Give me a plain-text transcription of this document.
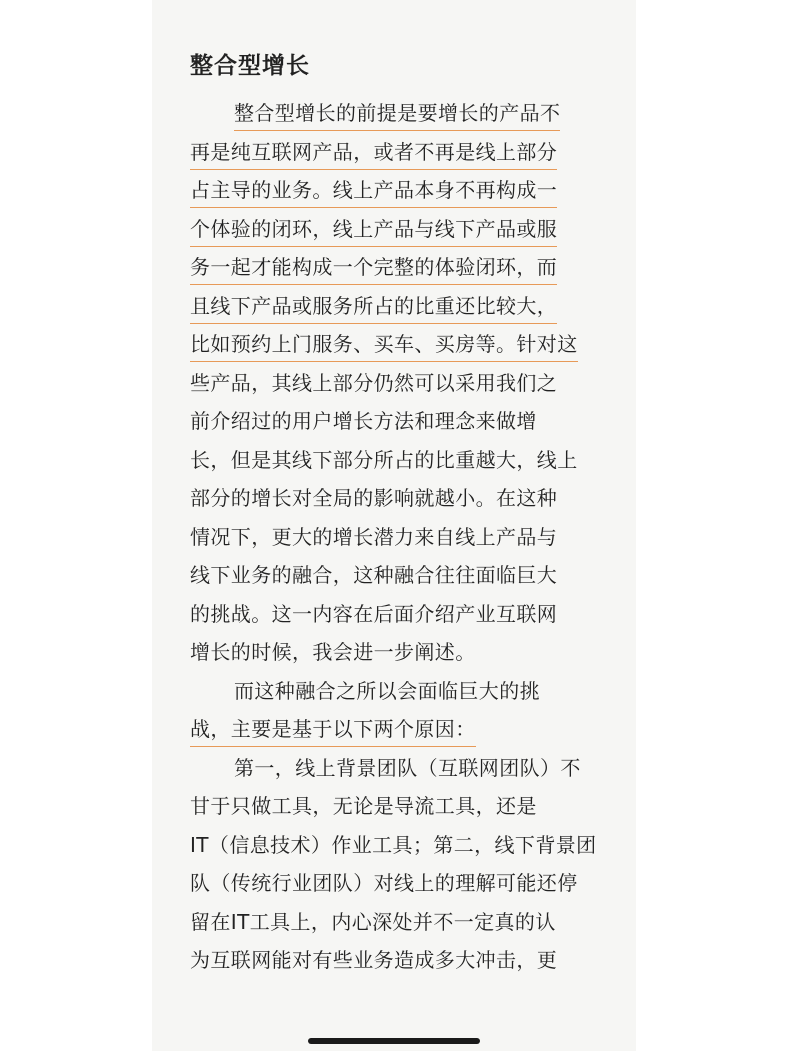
整合型增长
整合型增长的前提是要增长的产品不
再是纯互联网产品，或者不再是线上部分
占主导的业务。线上产品本身不再构成一
个体验的闭环，线上产品与线下产品或服
务一起才能构成一个完整的体验闭环，而
且线下产品或服务所占的比重还比较大，
比如预约上门服务、买车、买房等。针对这
些产品，其线上部分仍然可以采用我们之
前介绍过的用户增长方法和理念来做增
长，但是其线下部分所占的比重越大，线上
部分的增长对全局的影响就越小。在这种
情况下，更大的增长潜力来自线上产品与
线下业务的融合，这种融合往往面临巨大
的挑战。这一内容在后面介绍产业互联网
增长的时候，我会进一步阐述。
而这种融合之所以会面临巨大的挑
战，主要是基于以下两个原因：
第一，线上背景团队（互联网团队）不
甘于只做工具，无论是导流工具，还是
IT（信息技术）作业工具；第二，线下背景团
队（传统行业团队）对线上的理解可能还停
留在IT工具上，内心深处并不一定真的认
为互联网能对有些业务造成多大冲击，更
